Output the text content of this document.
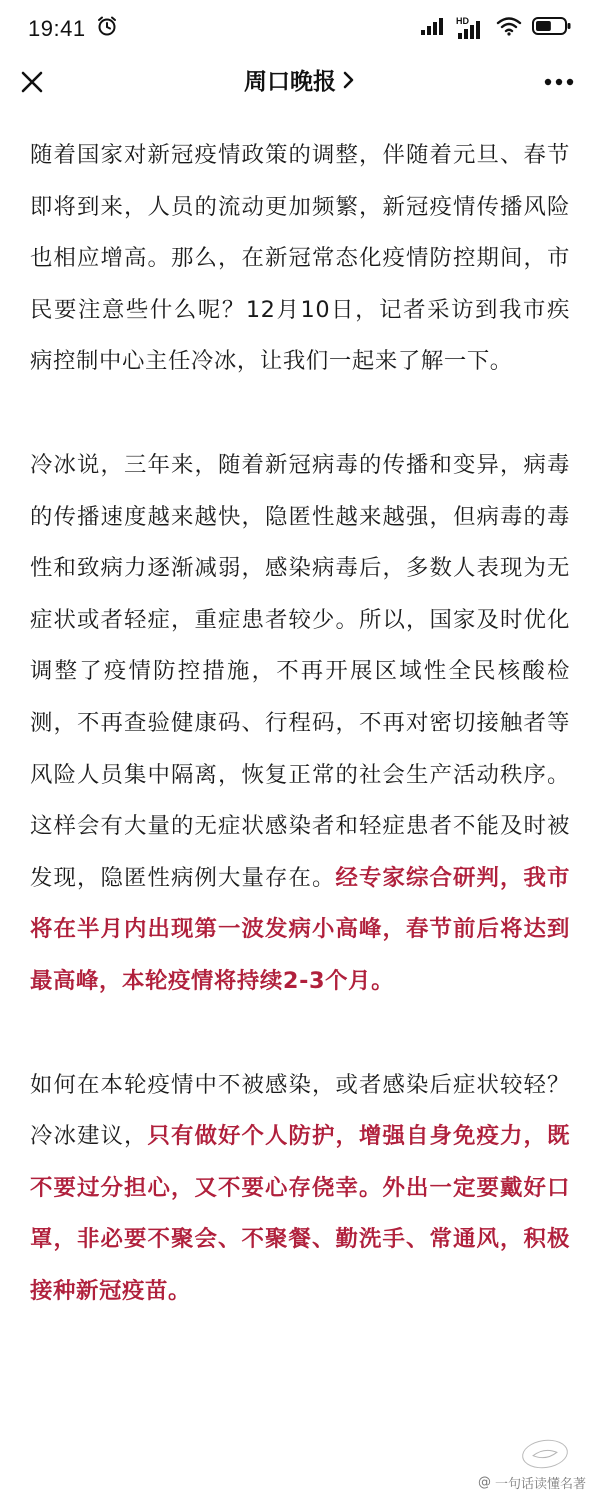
19:41	HD
周口晚报

随着国家对新冠疫情政策的调整，伴随着元旦、春节即将到来，人员的流动更加频繁，新冠疫情传播风险也相应增高。那么，在新冠常态化疫情防控期间，市民要注意些什么呢？12月10日，记者采访到我市疾病控制中心主任冷冰，让我们一起来了解一下。

冷冰说，三年来，随着新冠病毒的传播和变异，病毒的传播速度越来越快，隐匿性越来越强，但病毒的毒性和致病力逐渐减弱，感染病毒后，多数人表现为无症状或者轻症，重症患者较少。所以，国家及时优化调整了疫情防控措施，不再开展区域性全民核酸检测，不再查验健康码、行程码，不再对密切接触者等风险人员集中隔离，恢复正常的社会生产活动秩序。这样会有大量的无症状感染者和轻症患者不能及时被发现，隐匿性病例大量存在。经专家综合研判，我市将在半月内出现第一波发病小高峰，春节前后将达到最高峰，本轮疫情将持续2-3个月。

如何在本轮疫情中不被感染，或者感染后症状较轻？冷冰建议，只有做好个人防护，增强自身免疫力，既不要过分担心，又不要心存侥幸。外出一定要戴好口罩，非必要不聚会、不聚餐、勤洗手、常通风，积极接种新冠疫苗。

@ 一句话读懂名著
